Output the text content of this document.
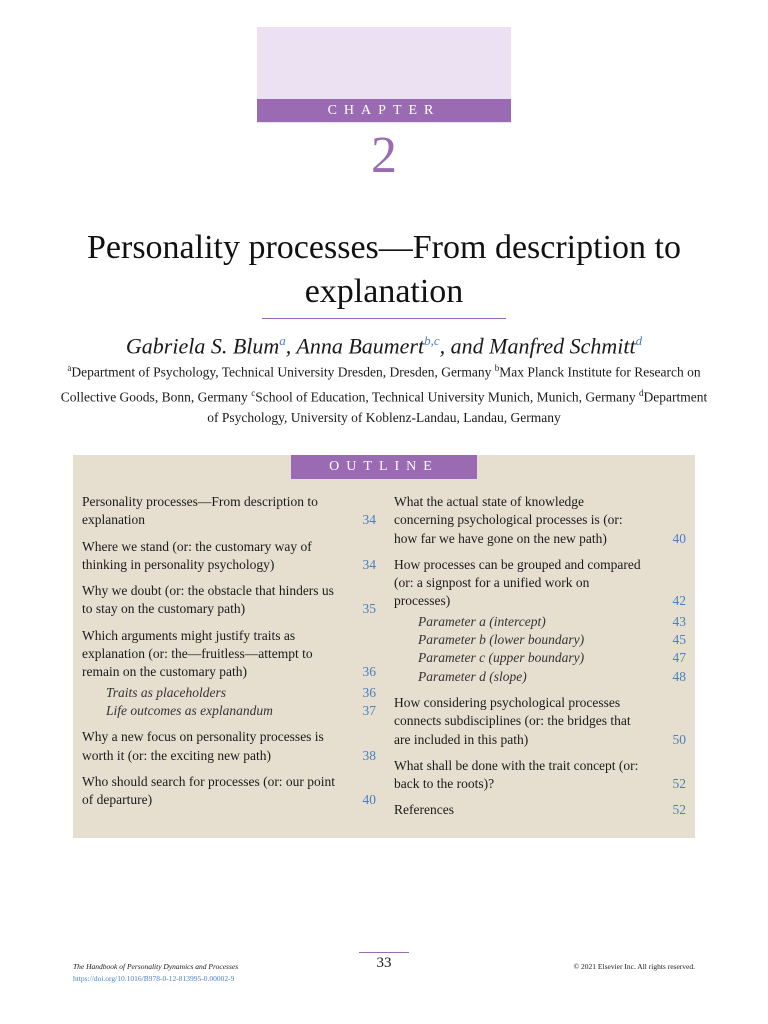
CHAPTER
2
Personality processes—From description to explanation
Gabriela S. Blum$^a$, Anna Baumert$^{b,c}$, and Manfred Schmitt$^d$
$^a$Department of Psychology, Technical University Dresden, Dresden, Germany $^b$Max Planck Institute for Research on Collective Goods, Bonn, Germany $^c$School of Education, Technical University Munich, Munich, Germany $^d$Department of Psychology, University of Koblenz-Landau, Landau, Germany
OUTLINE
Personality processes—From description to explanation	34
Where we stand (or: the customary way of thinking in personality psychology)	34
Why we doubt (or: the obstacle that hinders us to stay on the customary path)	35
Which arguments might justify traits as explanation (or: the—fruitless—attempt to remain on the customary path)	36
Traits as placeholders	36
Life outcomes as explanandum	37
Why a new focus on personality processes is worth it (or: the exciting new path)	38
Who should search for processes (or: our point of departure)	40
What the actual state of knowledge concerning psychological processes is (or: how far we have gone on the new path)	40
How processes can be grouped and compared (or: a signpost for a unified work on processes)	42
Parameter a (intercept)	43
Parameter b (lower boundary)	45
Parameter c (upper boundary)	47
Parameter d (slope)	48
How considering psychological processes connects subdisciplines (or: the bridges that are included in this path)	50
What shall be done with the trait concept (or: back to the roots)?	52
References	52
33
The Handbook of Personality Dynamics and Processes
https://doi.org/10.1016/B978-0-12-813995-0.00002-9
© 2021 Elsevier Inc. All rights reserved.
